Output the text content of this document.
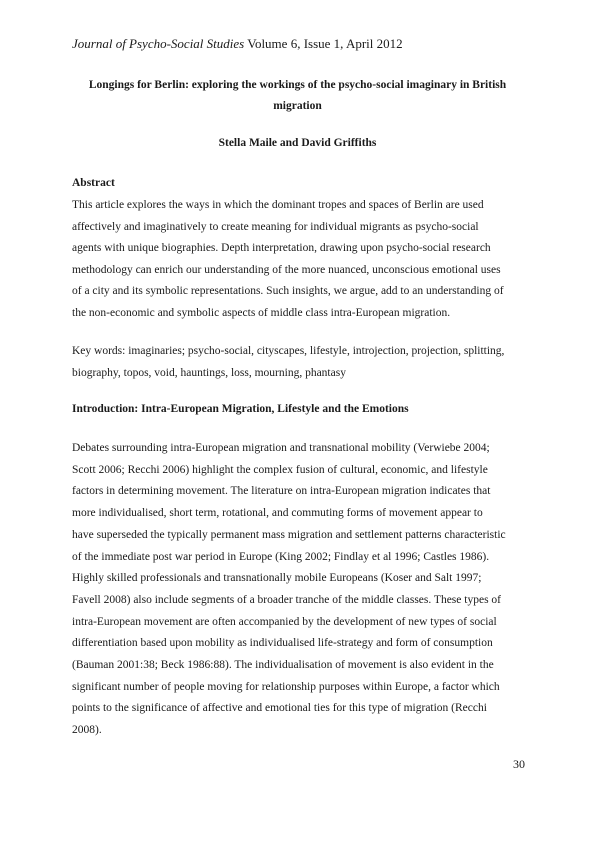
Journal of Psycho-Social Studies Volume 6, Issue 1, April 2012
Longings for Berlin: exploring the workings of the psycho-social imaginary in British
migration
Stella Maile and David Griffiths
Abstract
This article explores the ways in which the dominant tropes and spaces of Berlin are used
affectively and imaginatively to create meaning for individual migrants as psycho-social
agents with unique biographies. Depth interpretation, drawing upon psycho-social research
methodology can enrich our understanding of the more nuanced, unconscious emotional uses
of a city and its symbolic representations. Such insights, we argue, add to an understanding of
the non-economic and symbolic aspects of middle class intra-European migration.
Key words: imaginaries; psycho-social, cityscapes, lifestyle, introjection, projection, splitting,
biography, topos, void, hauntings, loss, mourning, phantasy
Introduction: Intra-European Migration, Lifestyle and the Emotions
Debates surrounding intra-European migration and transnational mobility (Verwiebe 2004;
Scott 2006; Recchi 2006) highlight the complex fusion of cultural, economic, and lifestyle
factors in determining movement. The literature on intra-European migration indicates that
more individualised, short term, rotational, and commuting forms of movement appear to
have superseded the typically permanent mass migration and settlement patterns characteristic
of the immediate post war period in Europe (King 2002; Findlay et al 1996; Castles 1986).
Highly skilled professionals and transnationally mobile Europeans (Koser and Salt 1997;
Favell 2008) also include segments of a broader tranche of the middle classes. These types of
intra-European movement are often accompanied by the development of new types of social
differentiation based upon mobility as individualised life-strategy and form of consumption
(Bauman 2001:38; Beck 1986:88). The individualisation of movement is also evident in the
significant number of people moving for relationship purposes within Europe, a factor which
points to the significance of affective and emotional ties for this type of migration (Recchi
2008).
30
